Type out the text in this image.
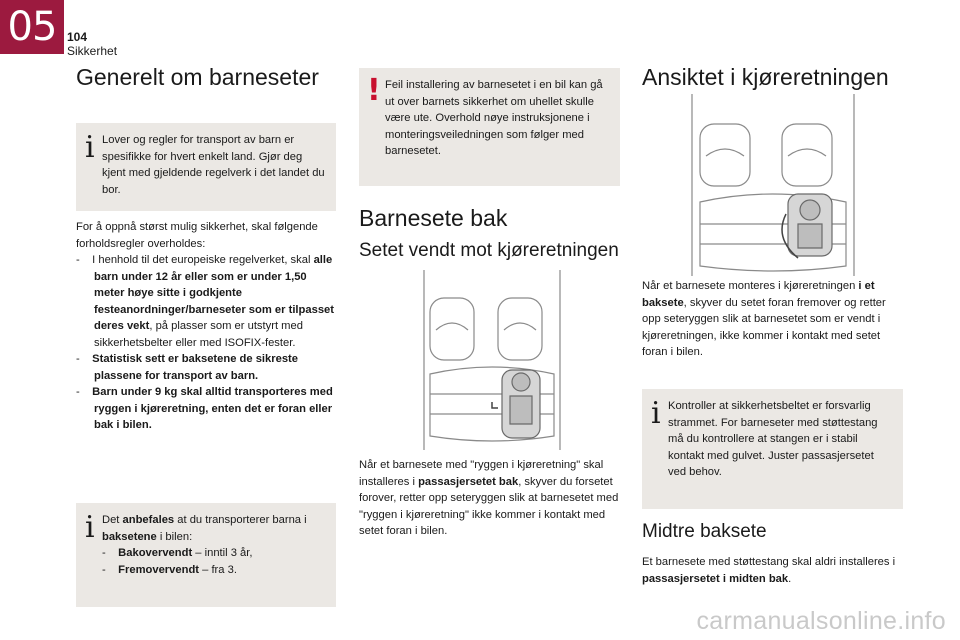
05 104
Sikkerhet
Generelt om barneseter
i Lover og regler for transport av barn er spesifikke for hvert enkelt land. Gjør deg kjent med gjeldende regelverk i det landet du bor.
For å oppnå størst mulig sikkerhet, skal følgende forholdsregler overholdes:
-    I henhold til det europeiske regelverket, skal alle barn under 12 år eller som er under 1,50 meter høye sitte i godkjente festeanordninger/barneseter som er tilpasset deres vekt, på plasser som er utstyrt med sikkerhetsbelter eller med ISOFIX-fester.
-    Statistisk sett er baksetene de sikreste plassene for transport av barn.
-    Barn under 9 kg skal alltid transporteres med ryggen i kjøreretning, enten det er foran eller bak i bilen.
i Det anbefales at du transporterer barna i baksetene i bilen:
-    Bakovervendt – inntil 3 år,
-    Fremovervendt – fra 3.
! Feil installering av barnesetet i en bil kan gå ut over barnets sikkerhet om uhellet skulle være ute. Overhold nøye instruksjonene i monteringsveiledningen som følger med barnesetet.
Barnesete bak
Setet vendt mot kjøreretningen
Når et barnesete med "ryggen i kjøreretning" skal installeres i passasjersetet bak, skyver du forsetet forover, retter opp seteryggen slik at barnesetet med "ryggen i kjøreretning" ikke kommer i kontakt med setet foran i bilen.
Ansiktet i kjøreretningen
Når et barnesete monteres i kjøreretningen i et baksete, skyver du setet foran fremover og retter opp seteryggen slik at barnesetet som er vendt i kjøreretningen, ikke kommer i kontakt med setet foran i bilen.
i Kontroller at sikkerhetsbeltet er forsvarlig strammet. For barneseter med støttestang må du kontrollere at stangen er i stabil kontakt med gulvet. Juster passasjersetet ved behov.
Midtre baksete
Et barnesete med støttestang skal aldri installeres i passasjersetet i midten bak.
carmanualsonline.info
